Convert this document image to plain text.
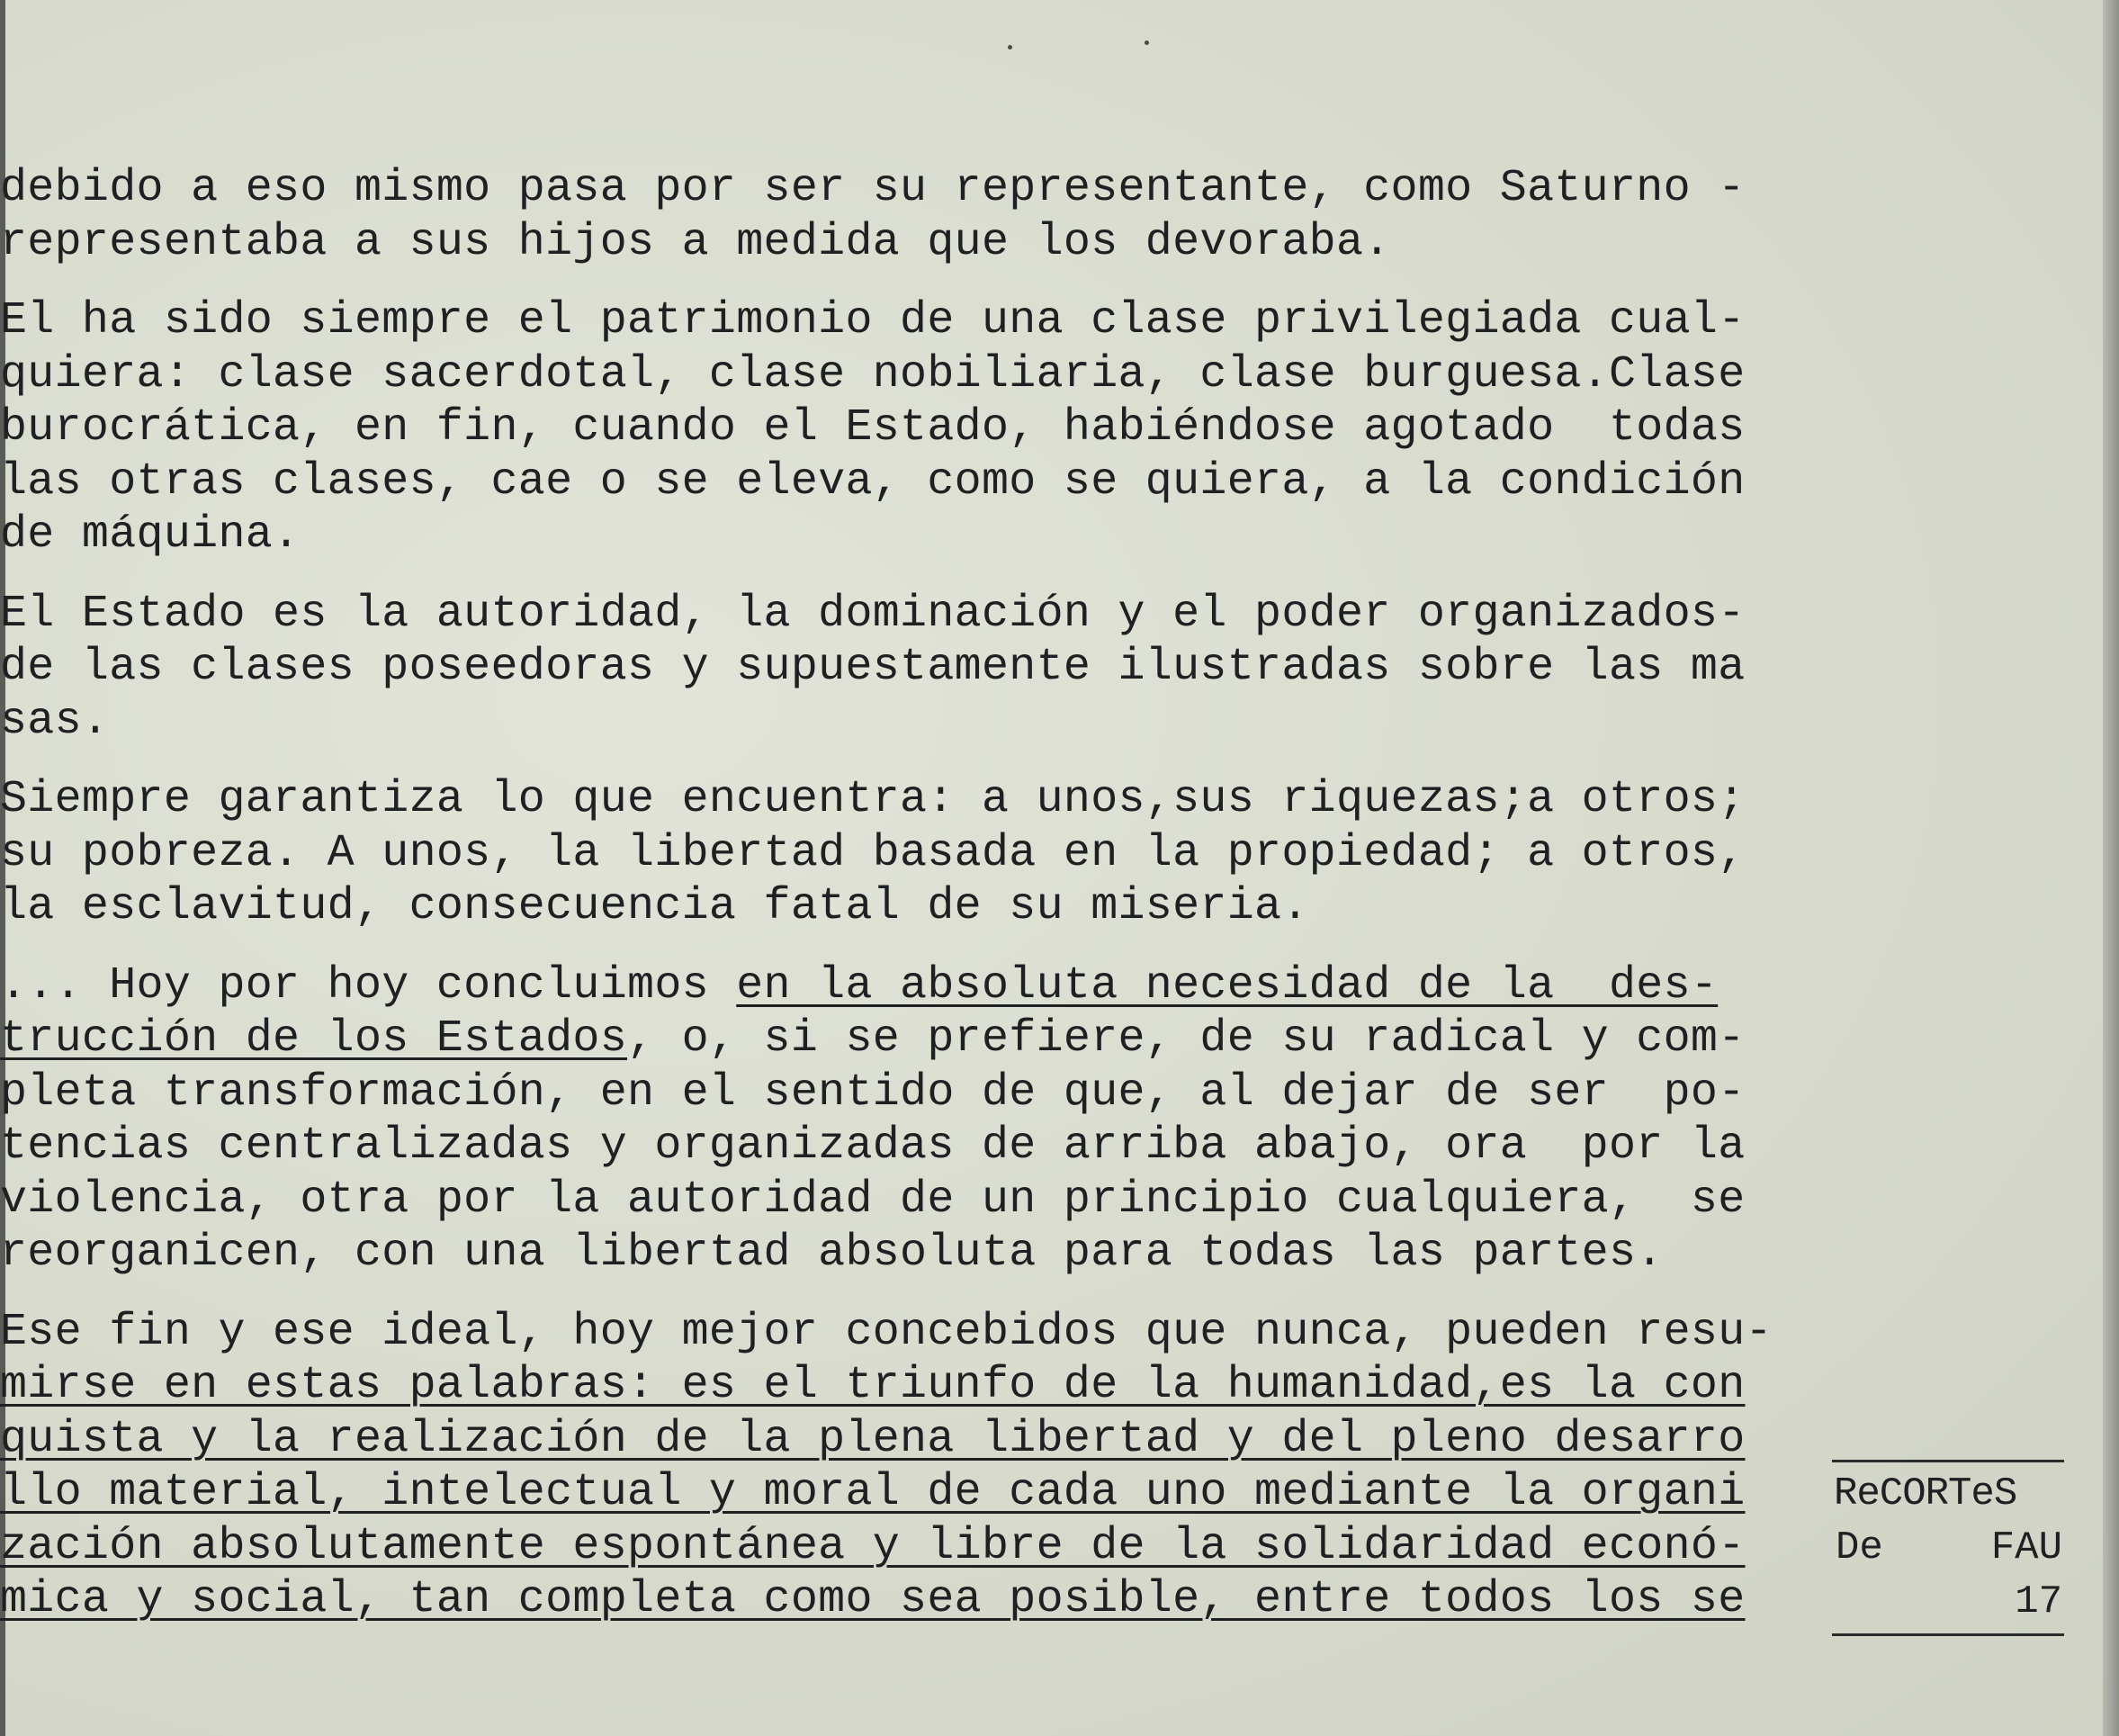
debido a eso mismo pasa por ser su representante, como Saturno -
representaba a sus hijos a medida que los devoraba.
El ha sido siempre el patrimonio de una clase privilegiada cual-
quiera: clase sacerdotal, clase nobiliaria, clase burguesa.Clase
burocrática, en fin, cuando el Estado, habiéndose agotado  todas
las otras clases, cae o se eleva, como se quiera, a la condición
de máquina.
El Estado es la autoridad, la dominación y el poder organizados-
de las clases poseedoras y supuestamente ilustradas sobre las ma
sas.
Siempre garantiza lo que encuentra: a unos,sus riquezas;a otros;
su pobreza. A unos, la libertad basada en la propiedad; a otros,
la esclavitud, consecuencia fatal de su miseria.
... Hoy por hoy concluimos en la absoluta necesidad de la  des-
trucción de los Estados, o, si se prefiere, de su radical y com-
pleta transformación, en el sentido de que, al dejar de ser  po-
tencias centralizadas y organizadas de arriba abajo, ora  por la
violencia, otra por la autoridad de un principio cualquiera,  se
reorganicen, con una libertad absoluta para todas las partes.
Ese fin y ese ideal, hoy mejor concebidos que nunca, pueden resu-
mirse en estas palabras: es el triunfo de la humanidad,es la con
quista y la realización de la plena libertad y del pleno desarro
llo material, intelectual y moral de cada uno mediante la organi
zación absolutamente espontánea y libre de la solidaridad econó-
mica y social, tan completa como sea posible, entre todos los se
ReCORTeS
De	FAU
17
